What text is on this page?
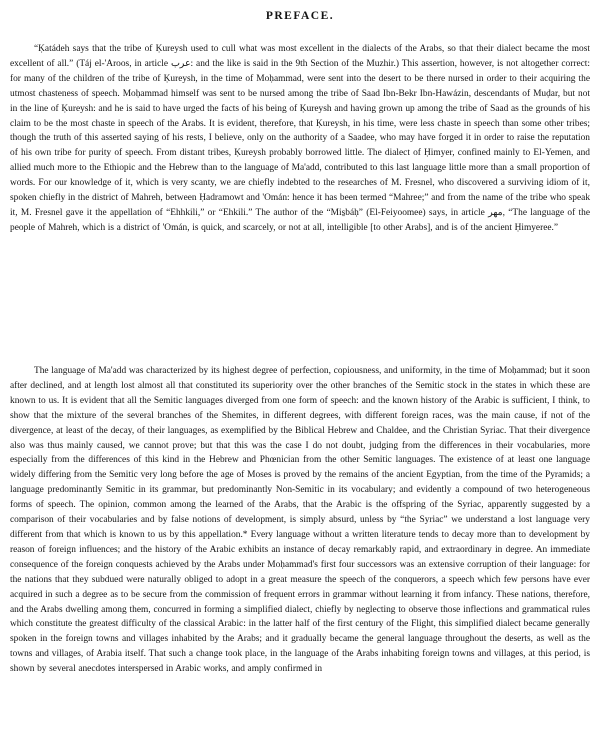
PREFACE.

“Ḳatádeh says that the tribe of Ḳureysh used to cull what was most excellent in the dialects of the Arabs, so that their dialect became the most excellent of all.” (Táj el-'Aroos, in article عرب: and the like is said in the 9th Section of the Muzhir.) This assertion, however, is not altogether correct: for many of the children of the tribe of Ḳureysh, in the time of Moḥammad, were sent into the desert to be there nursed in order to their acquiring the utmost chasteness of speech. Moḥammad himself was sent to be nursed among the tribe of Saad Ibn-Bekr Ibn-Hawázin, descendants of Muḍar, but not in the line of Ḳureysh: and he is said to have urged the facts of his being of Ḳureysh and having grown up among the tribe of Saad as the grounds of his claim to be the most chaste in speech of the Arabs. It is evident, therefore, that Ḳureysh, in his time, were less chaste in speech than some other tribes; though the truth of this asserted saying of his rests, I believe, only on the authority of a Saadee, who may have forged it in order to raise the reputation of his own tribe for purity of speech. From distant tribes, Ḳureysh probably borrowed little. The dialect of Ḥimyer, confined mainly to El-Yemen, and allied much more to the Ethiopic and the Hebrew than to the language of Ma'add, contributed to this last language little more than a small proportion of words. For our knowledge of it, which is very scanty, we are chiefly indebted to the researches of M. Fresnel, who discovered a surviving idiom of it, spoken chiefly in the district of Mahreh, between Ḥadramowt and 'Omán: hence it has been termed “Mahree;” and from the name of the tribe who speak it, M. Fresnel gave it the appellation of “Ehhkili,” or “Ehkili.” The author of the “Mis̱báḥ” (El-Feiyoomee) says, in article مهر, “The language of the people of Mahreh, which is a district of 'Omán, is quick, and scarcely, or not at all, intelligible [to other Arabs], and is of the ancient Ḥimyeree.”

The language of Ma'add was characterized by its highest degree of perfection, copiousness, and uniformity, in the time of Moḥammad; but it soon after declined, and at length lost almost all that constituted its superiority over the other branches of the Semitic stock in the states in which these are known to us. It is evident that all the Semitic languages diverged from one form of speech: and the known history of the Arabic is sufficient, I think, to show that the mixture of the several branches of the Shemites, in different degrees, with different foreign races, was the main cause, if not of the divergence, at least of the decay, of their languages, as exemplified by the Biblical Hebrew and Chaldee, and the Christian Syriac. That their divergence also was thus mainly caused, we cannot prove; but that this was the case I do not doubt, judging from the differences in their vocabularies, more especially from the differences of this kind in the Hebrew and Phœnician from the other Semitic languages. The existence of at least one language widely differing from the Semitic very long before the age of Moses is proved by the remains of the ancient Egyptian, from the time of the Pyramids; a language predominantly Semitic in its grammar, but predominantly Non-Semitic in its vocabulary; and evidently a compound of two heterogeneous forms of speech. The opinion, common among the learned of the Arabs, that the Arabic is the offspring of the Syriac, apparently suggested by a comparison of their vocabularies and by false notions of development, is simply absurd, unless by “the Syriac” we understand a lost language very different from that which is known to us by this appellation.* Every language without a written literature tends to decay more than to development by reason of foreign influences; and the history of the Arabic exhibits an instance of decay remarkably rapid, and extraordinary in degree. An immediate consequence of the foreign conquests achieved by the Arabs under Moḥammad's first four successors was an extensive corruption of their language: for the nations that they subdued were naturally obliged to adopt in a great measure the speech of the conquerors, a speech which few persons have ever acquired in such a degree as to be secure from the commission of frequent errors in grammar without learning it from infancy. These nations, therefore, and the Arabs dwelling among them, concurred in forming a simplified dialect, chiefly by neglecting to observe those inflections and grammatical rules which constitute the greatest difficulty of the classical Arabic: in the latter half of the first century of the Flight, this simplified dialect became generally spoken in the foreign towns and villages inhabited by the Arabs; and it gradually became the general language throughout the deserts, as well as the towns and villages, of Arabia itself. That such a change took place, in the language of the Arabs inhabiting foreign towns and villages, at this period, is shown by several anecdotes interspersed in Arabic works, and amply confirmed in
